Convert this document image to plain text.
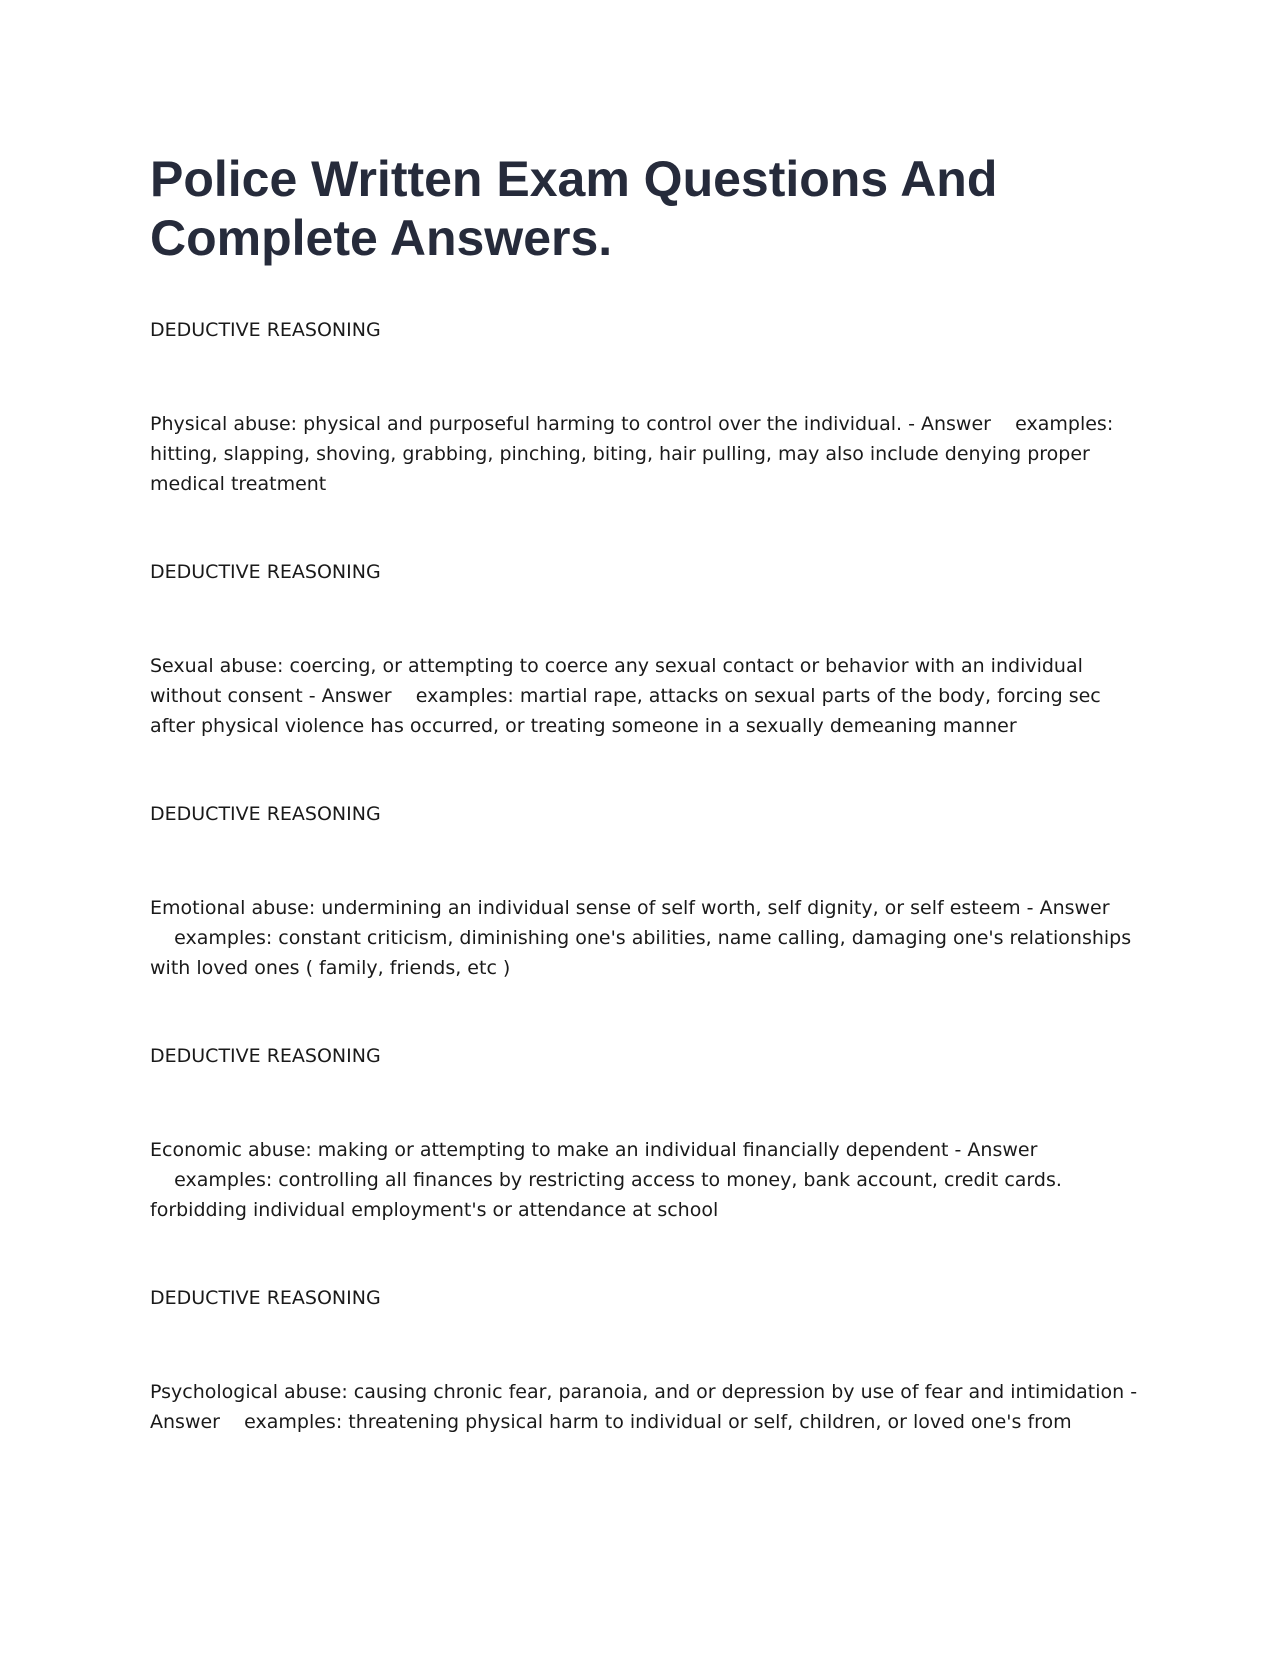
Police Written Exam Questions And Complete Answers.

DEDUCTIVE REASONING

Physical abuse: physical and purposeful harming to control over the individual. - Answer examples: hitting, slapping, shoving, grabbing, pinching, biting, hair pulling, may also include denying proper medical treatment

DEDUCTIVE REASONING

Sexual abuse: coercing, or attempting to coerce any sexual contact or behavior with an individual without consent - Answer examples: martial rape, attacks on sexual parts of the body, forcing sec after physical violence has occurred, or treating someone in a sexually demeaning manner

DEDUCTIVE REASONING

Emotional abuse: undermining an individual sense of self worth, self dignity, or self esteem - Answer    examples: constant criticism, diminishing one's abilities, name calling, damaging one's relationships with loved ones ( family, friends, etc )

DEDUCTIVE REASONING

Economic abuse: making or attempting to make an individual financially dependent - Answer    examples: controlling all finances by restricting access to money, bank account, credit cards. forbidding individual employment's or attendance at school

DEDUCTIVE REASONING

Psychological abuse: causing chronic fear, paranoia, and or depression by use of fear and intimidation - Answer examples: threatening physical harm to individual or self, children, or loved one's from
